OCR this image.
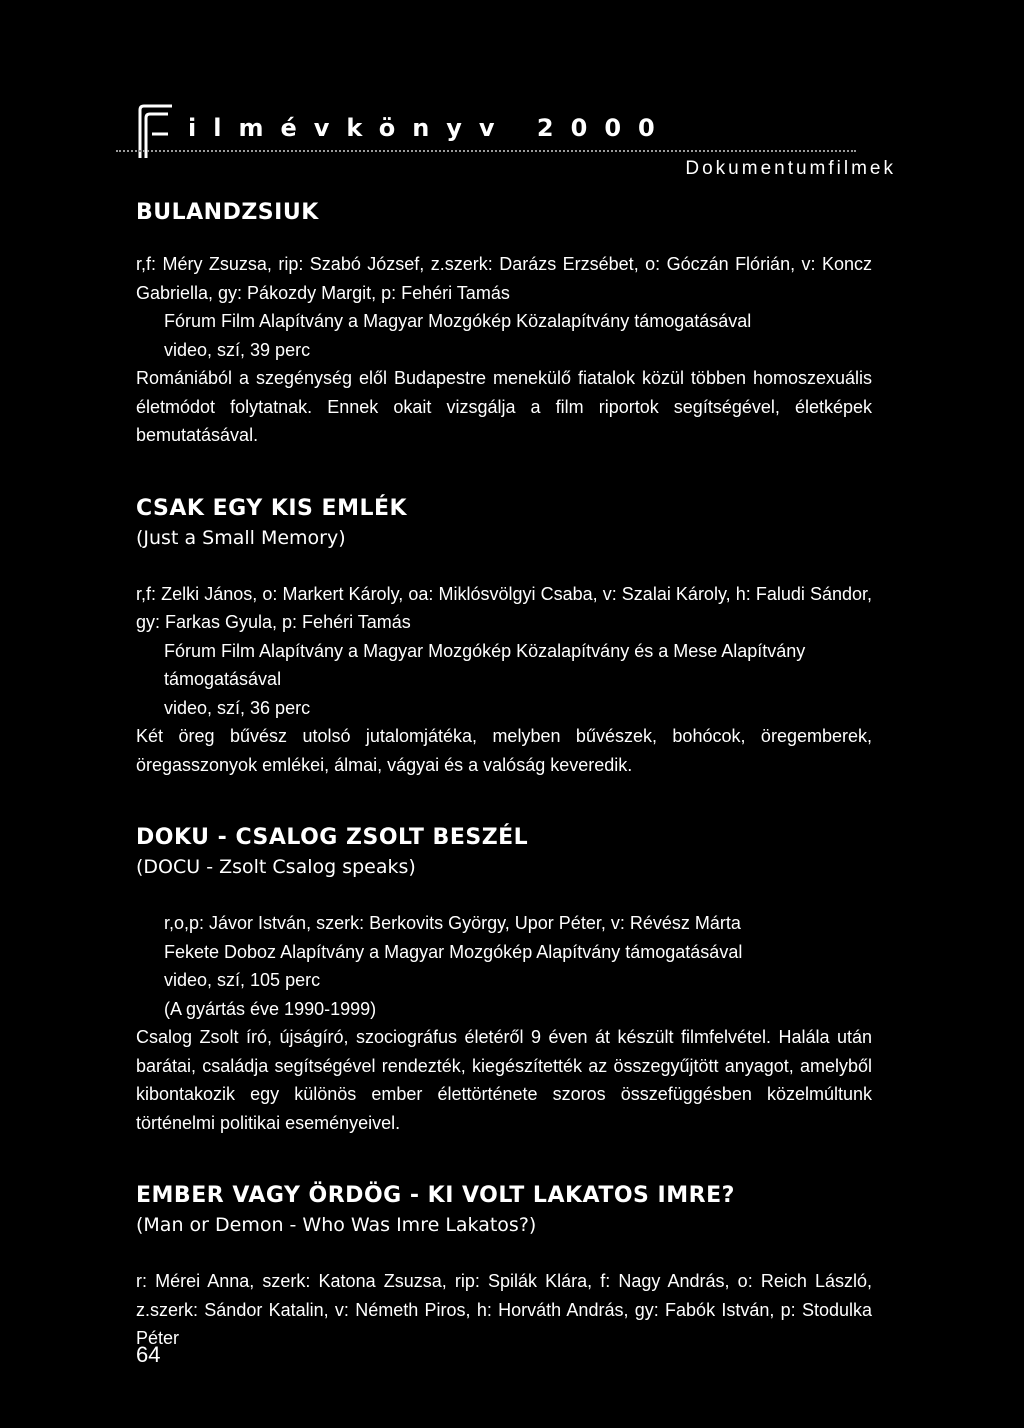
ilmévkönyv 2000
Dokumentumfilmek
BULANDZSIUK

r,f: Méry Zsuzsa, rip: Szabó József, z.szerk: Darázs Erzsébet, o: Góczán Flórián, v: Koncz Gabriella, gy: Pákozdy Margit, p: Fehéri Tamás

Fórum Film Alapítvány a Magyar Mozgókép Közalapítvány támogatásával

video, szí, 39 perc

Romániából a szegénység elől Budapestre menekülő fiatalok közül többen homoszexuális életmódot folytatnak. Ennek okait vizsgálja a film riportok segítségével, életképek bemutatásával.

CSAK EGY KIS EMLÉK
(Just a Small Memory)

r,f: Zelki János, o: Markert Károly, oa: Miklósvölgyi Csaba, v: Szalai Károly, h: Faludi Sándor, gy: Farkas Gyula, p: Fehéri Tamás

Fórum Film Alapítvány a Magyar Mozgókép Közalapítvány és a Mese Alapítvány támogatásával

video, szí, 36 perc

Két öreg bűvész utolsó jutalomjátéka, melyben bűvészek, bohócok, öregemberek, öregasszonyok emlékei, álmai, vágyai és a valóság keveredik.

DOKU - CSALOG ZSOLT BESZÉL
(DOCU - Zsolt Csalog speaks)

r,o,p: Jávor István, szerk: Berkovits György, Upor Péter, v: Révész Márta

Fekete Doboz Alapítvány a Magyar Mozgókép Alapítvány támogatásával

video, szí, 105 perc

(A gyártás éve 1990-1999)

Csalog Zsolt író, újságíró, szociográfus életéről 9 éven át készült filmfelvétel. Halála után barátai, családja segítségével rendezték, kiegészítették az összegyűjtött anyagot, amelyből kibontakozik egy különös ember élettörténete szoros összefüggésben közelmúltunk történelmi politikai eseményeivel.

EMBER VAGY ÖRDÖG - KI VOLT LAKATOS IMRE?
(Man or Demon - Who Was Imre Lakatos?)

r: Mérei Anna, szerk: Katona Zsuzsa, rip: Spilák Klára, f: Nagy András, o: Reich László, z.szerk: Sándor Katalin, v: Németh Piros, h: Horváth András, gy: Fabók István, p: Stodulka Péter

64
